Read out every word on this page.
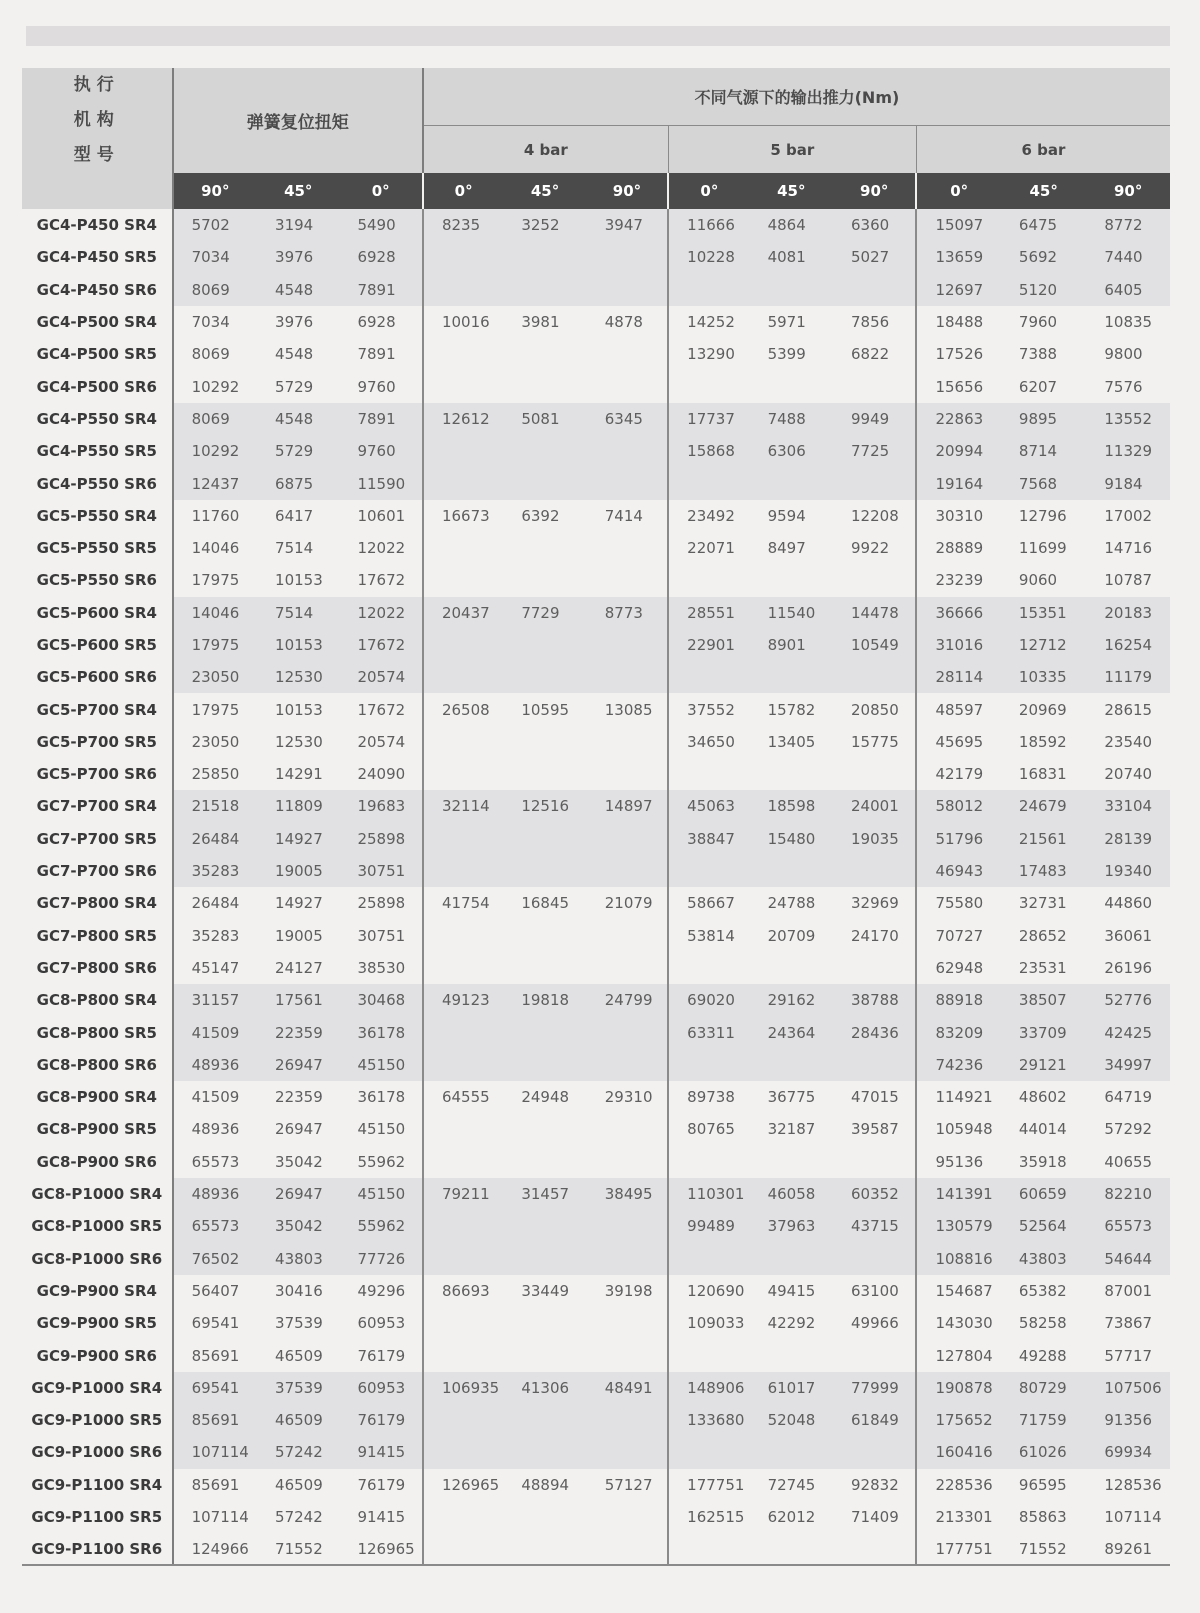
执行
机构
型号	弹簧复位扭矩			不同气源下的输出推力(Nm)								
				4 bar			5 bar			6 bar		
	90°	45°	0°	0°	45°	90°	0°	45°	90°	0°	45°	90°
GC4-P450 SR4	5702	3194	5490	8235	3252	3947	11666	4864	6360	15097	6475	8772
GC4-P450 SR5	7034	3976	6928				10228	4081	5027	13659	5692	7440
GC4-P450 SR6	8069	4548	7891							12697	5120	6405
GC4-P500 SR4	7034	3976	6928	10016	3981	4878	14252	5971	7856	18488	7960	10835
GC4-P500 SR5	8069	4548	7891				13290	5399	6822	17526	7388	9800
GC4-P500 SR6	10292	5729	9760							15656	6207	7576
GC4-P550 SR4	8069	4548	7891	12612	5081	6345	17737	7488	9949	22863	9895	13552
GC4-P550 SR5	10292	5729	9760				15868	6306	7725	20994	8714	11329
GC4-P550 SR6	12437	6875	11590							19164	7568	9184
GC5-P550 SR4	11760	6417	10601	16673	6392	7414	23492	9594	12208	30310	12796	17002
GC5-P550 SR5	14046	7514	12022				22071	8497	9922	28889	11699	14716
GC5-P550 SR6	17975	10153	17672							23239	9060	10787
GC5-P600 SR4	14046	7514	12022	20437	7729	8773	28551	11540	14478	36666	15351	20183
GC5-P600 SR5	17975	10153	17672				22901	8901	10549	31016	12712	16254
GC5-P600 SR6	23050	12530	20574							28114	10335	11179
GC5-P700 SR4	17975	10153	17672	26508	10595	13085	37552	15782	20850	48597	20969	28615
GC5-P700 SR5	23050	12530	20574				34650	13405	15775	45695	18592	23540
GC5-P700 SR6	25850	14291	24090							42179	16831	20740
GC7-P700 SR4	21518	11809	19683	32114	12516	14897	45063	18598	24001	58012	24679	33104
GC7-P700 SR5	26484	14927	25898				38847	15480	19035	51796	21561	28139
GC7-P700 SR6	35283	19005	30751							46943	17483	19340
GC7-P800 SR4	26484	14927	25898	41754	16845	21079	58667	24788	32969	75580	32731	44860
GC7-P800 SR5	35283	19005	30751				53814	20709	24170	70727	28652	36061
GC7-P800 SR6	45147	24127	38530							62948	23531	26196
GC8-P800 SR4	31157	17561	30468	49123	19818	24799	69020	29162	38788	88918	38507	52776
GC8-P800 SR5	41509	22359	36178				63311	24364	28436	83209	33709	42425
GC8-P800 SR6	48936	26947	45150							74236	29121	34997
GC8-P900 SR4	41509	22359	36178	64555	24948	29310	89738	36775	47015	114921	48602	64719
GC8-P900 SR5	48936	26947	45150				80765	32187	39587	105948	44014	57292
GC8-P900 SR6	65573	35042	55962							95136	35918	40655
GC8-P1000 SR4	48936	26947	45150	79211	31457	38495	110301	46058	60352	141391	60659	82210
GC8-P1000 SR5	65573	35042	55962				99489	37963	43715	130579	52564	65573
GC8-P1000 SR6	76502	43803	77726							108816	43803	54644
GC9-P900 SR4	56407	30416	49296	86693	33449	39198	120690	49415	63100	154687	65382	87001
GC9-P900 SR5	69541	37539	60953				109033	42292	49966	143030	58258	73867
GC9-P900 SR6	85691	46509	76179							127804	49288	57717
GC9-P1000 SR4	69541	37539	60953	106935	41306	48491	148906	61017	77999	190878	80729	107506
GC9-P1000 SR5	85691	46509	76179				133680	52048	61849	175652	71759	91356
GC9-P1000 SR6	107114	57242	91415							160416	61026	69934
GC9-P1100 SR4	85691	46509	76179	126965	48894	57127	177751	72745	92832	228536	96595	128536
GC9-P1100 SR5	107114	57242	91415				162515	62012	71409	213301	85863	107114
GC9-P1100 SR6	124966	71552	126965							177751	71552	89261
